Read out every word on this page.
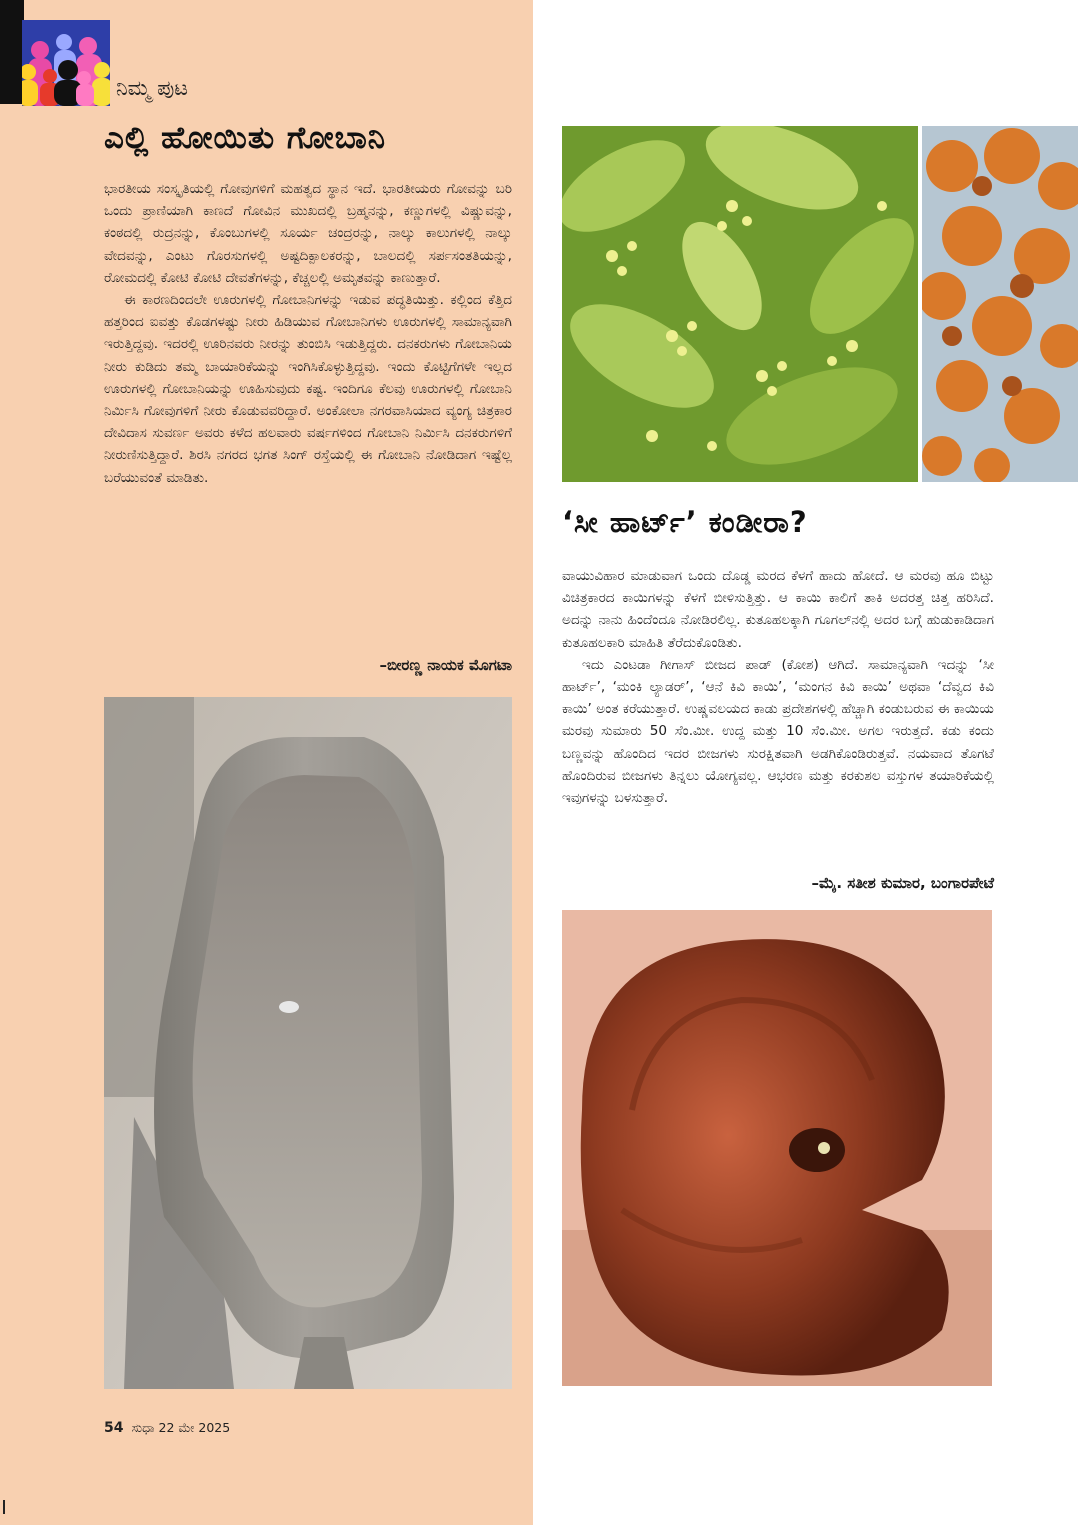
ನಿಮ್ಮ ಪುಟ
ಎಲ್ಲಿ ಹೋಯಿತು ಗೋಬಾನಿ

ಭಾರತೀಯ ಸಂಸ್ಕೃತಿಯಲ್ಲಿ ಗೋವುಗಳಿಗೆ ಮಹತ್ವದ ಸ್ಥಾನ ಇದೆ. ಭಾರತೀಯರು ಗೋವನ್ನು ಬರಿ ಒಂದು ಪ್ರಾಣಿಯಾಗಿ ಕಾಣದೆ ಗೋವಿನ ಮುಖದಲ್ಲಿ ಬ್ರಹ್ಮನನ್ನು, ಕಣ್ಣುಗಳಲ್ಲಿ ವಿಷ್ಣುವನ್ನು, ಕಂಠದಲ್ಲಿ ರುದ್ರನನ್ನು, ಕೊಂಬುಗಳಲ್ಲಿ ಸೂರ್ಯ ಚಂದ್ರರನ್ನು, ನಾಲ್ಕು ಕಾಲುಗಳಲ್ಲಿ ನಾಲ್ಕು ವೇದವನ್ನು, ಎಂಟು ಗೊರಸುಗಳಲ್ಲಿ ಅಷ್ಟದಿಕ್ಪಾಲಕರನ್ನು, ಬಾಲದಲ್ಲಿ ಸರ್ಪಸಂತತಿಯನ್ನು, ರೋಮದಲ್ಲಿ ಕೋಟಿ ಕೋಟಿ ದೇವತೆಗಳನ್ನು, ಕೆಚ್ಚಲಲ್ಲಿ ಅಮೃತವನ್ನು ಕಾಣುತ್ತಾರೆ.

ಈ ಕಾರಣದಿಂದಲೇ ಊರುಗಳಲ್ಲಿ ಗೋಬಾನಿಗಳನ್ನು ಇಡುವ ಪದ್ಧತಿಯಿತ್ತು. ಕಲ್ಲಿಂದ ಕೆತ್ತಿದ ಹತ್ತರಿಂದ ಐವತ್ತು ಕೊಡಗಳಷ್ಟು ನೀರು ಹಿಡಿಯುವ ಗೋಬಾನಿಗಳು ಊರುಗಳಲ್ಲಿ ಸಾಮಾನ್ಯವಾಗಿ ಇರುತ್ತಿದ್ದವು. ಇದರಲ್ಲಿ ಊರಿನವರು ನೀರನ್ನು ತುಂಬಿಸಿ ಇಡುತ್ತಿದ್ದರು. ದನಕರುಗಳು ಗೋಬಾನಿಯ ನೀರು ಕುಡಿದು ತಮ್ಮ ಬಾಯಾರಿಕೆಯನ್ನು ಇಂಗಿಸಿಕೊಳ್ಳುತ್ತಿದ್ದವು. ಇಂದು ಕೊಟ್ಟಿಗೆಗಳೇ ಇಲ್ಲದ ಊರುಗಳಲ್ಲಿ ಗೋಬಾನಿಯನ್ನು ಊಹಿಸುವುದು ಕಷ್ಟ. ಇಂದಿಗೂ ಕೆಲವು ಊರುಗಳಲ್ಲಿ ಗೋಬಾನಿ ನಿರ್ಮಿಸಿ ಗೋವುಗಳಿಗೆ ನೀರು ಕೊಡುವವರಿದ್ದಾರೆ. ಅಂಕೋಲಾ ನಗರವಾಸಿಯಾದ ವ್ಯಂಗ್ಯ ಚಿತ್ರಕಾರ ದೇವಿದಾಸ ಸುವರ್ಣ ಅವರು ಕಳೆದ ಹಲವಾರು ವರ್ಷಗಳಿಂದ ಗೋಬಾನಿ ನಿರ್ಮಿಸಿ ದನಕರುಗಳಿಗೆ ನೀರುಣಿಸುತ್ತಿದ್ದಾರೆ. ಶಿರಸಿ ನಗರದ ಭಗತ ಸಿಂಗ್ ರಸ್ತೆಯಲ್ಲಿ ಈ ಗೋಬಾನಿ ನೋಡಿದಾಗ ಇಷ್ಟೆಲ್ಲ ಬರೆಯುವಂತೆ ಮಾಡಿತು.

–ಬೀರಣ್ಣ ನಾಯಕ ಮೊಗಟಾ
‘ಸೀ ಹಾರ್ಟ್’ ಕಂಡೀರಾ?

ವಾಯುವಿಹಾರ ಮಾಡುವಾಗ ಒಂದು ದೊಡ್ಡ ಮರದ ಕೆಳಗೆ ಹಾದು ಹೋದೆ. ಆ ಮರವು ಹೂ ಬಿಟ್ಟು ವಿಚಿತ್ರಕಾರದ ಕಾಯಿಗಳನ್ನು ಕೆಳಗೆ ಬೀಳಿಸುತ್ತಿತ್ತು. ಆ ಕಾಯಿ ಕಾಲಿಗೆ ತಾಕಿ ಅದರತ್ತ ಚಿತ್ತ ಹರಿಸಿದೆ. ಅದನ್ನು ನಾನು ಹಿಂದೆಂದೂ ನೋಡಿರಲಿಲ್ಲ. ಕುತೂಹಲಕ್ಕಾಗಿ ಗೂಗಲ್‌ನಲ್ಲಿ ಅದರ ಬಗ್ಗೆ ಹುಡುಕಾಡಿದಾಗ ಕುತೂಹಲಕಾರಿ ಮಾಹಿತಿ ತೆರೆದುಕೊಂಡಿತು.

ಇದು ಎಂಟಡಾ ಗೀಗಾಸ್ ಬೀಜದ ಪಾಡ್ (ಕೋಶ) ಆಗಿದೆ. ಸಾಮಾನ್ಯವಾಗಿ ಇದನ್ನು ‘ಸೀ ಹಾರ್ಟ್’, ‘ಮಂಕಿ ಲ್ಯಾಡರ್’, ‘ಆನೆ ಕಿವಿ ಕಾಯಿ’, ‘ಮಂಗನ ಕಿವಿ ಕಾಯಿ’ ಅಥವಾ ‘ದೆವ್ವದ ಕಿವಿ ಕಾಯಿ’ ಅಂತ ಕರೆಯುತ್ತಾರೆ. ಉಷ್ಣವಲಯದ ಕಾಡು ಪ್ರದೇಶಗಳಲ್ಲಿ ಹೆಚ್ಚಾಗಿ ಕಂಡುಬರುವ ಈ ಕಾಯಿಯ ಮರವು ಸುಮಾರು 50 ಸೆಂ.ಮೀ. ಉದ್ದ ಮತ್ತು 10 ಸೆಂ.ಮೀ. ಅಗಲ ಇರುತ್ತದೆ. ಕಡು ಕಂದು ಬಣ್ಣವನ್ನು ಹೊಂದಿದ ಇದರ ಬೀಜಗಳು ಸುರಕ್ಷಿತವಾಗಿ ಅಡಗಿಕೊಂಡಿರುತ್ತವೆ. ನಯವಾದ ತೊಗಟೆ ಹೊಂದಿರುವ ಬೀಜಗಳು ತಿನ್ನಲು ಯೋಗ್ಯವಲ್ಲ. ಆಭರಣ ಮತ್ತು ಕರಕುಶಲ ವಸ್ತುಗಳ ತಯಾರಿಕೆಯಲ್ಲಿ ಇವುಗಳನ್ನು ಬಳಸುತ್ತಾರೆ.

–ಮೈ. ಸತೀಶ ಕುಮಾರ, ಬಂಗಾರಪೇಟೆ
54 ಸುಧಾ 22 ಮೇ 2025
